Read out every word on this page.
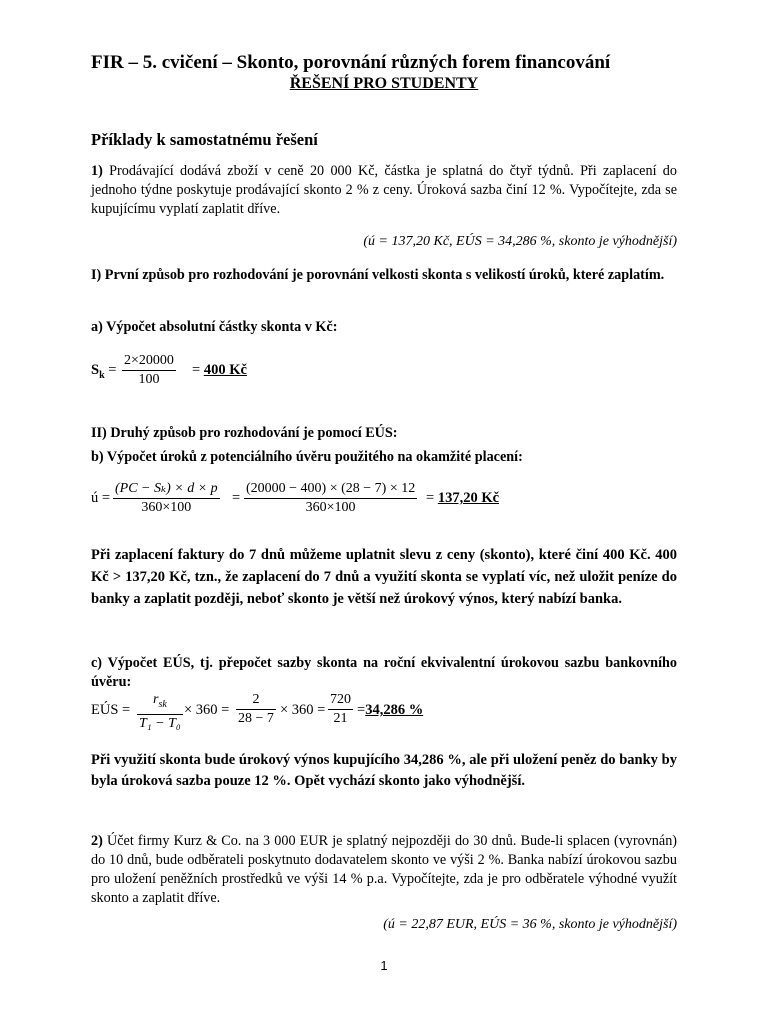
FIR – 5. cvičení – Skonto, porovnání různých forem financování
ŘEŠENÍ PRO STUDENTY
Příklady k samostatnému řešení
1) Prodávající dodává zboží v ceně 20 000 Kč, částka je splatná do čtyř týdnů. Při zaplacení do jednoho týdne poskytuje prodávající skonto 2 % z ceny. Úroková sazba činí 12 %. Vypočítejte, zda se kupujícímu vyplatí zaplatit dříve.
(ú = 137,20 Kč, EÚS = 34,286 %, skonto je výhodnější)
I) První způsob pro rozhodování je porovnání velkosti skonta s velikostí úroků, které zaplatím.
a) Výpočet absolutní částky skonta v Kč:
$S_k$ =
2×20000
100
= 400 Kč
II) Druhý způsob pro rozhodování je pomocí EÚS:
b) Výpočet úroků z potenciálního úvěru použitého na okamžité placení:
ú =
(PC − Sₖ) × d × p
360×100
=
(20000 − 400) × (28 − 7) × 12
360×100
= 137,20 Kč
Při zaplacení faktury do 7 dnů můžeme uplatnit slevu z ceny (skonto), které činí 400 Kč. 400 Kč > 137,20 Kč, tzn., že zaplacení do 7 dnů a využití skonta se vyplatí víc, než uložit peníze do banky a zaplatit později, neboť skonto je větší než úrokový výnos, který nabízí banka.
c) Výpočet EÚS, tj. přepočet sazby skonta na roční ekvivalentní úrokovou sazbu bankovního úvěru:
EÚS =
$r_{sk}$
T₁ − T₀
× 360 =
2
28 − 7
× 360 =
720
21
=34,286 %
Při využití skonta bude úrokový výnos kupujícího 34,286 %, ale při uložení peněz do banky by byla úroková sazba pouze 12 %. Opět vychází skonto jako výhodnější.
2) Účet firmy Kurz & Co. na 3 000 EUR je splatný nejpozději do 30 dnů. Bude-li splacen (vyrovnán) do 10 dnů, bude odběrateli poskytnuto dodavatelem skonto ve výši 2 %. Banka nabízí úrokovou sazbu pro uložení peněžních prostředků ve výši 14 % p.a. Vypočítejte, zda je pro odběratele výhodné využít skonto a zaplatit dříve.
(ú = 22,87 EUR, EÚS = 36 %, skonto je výhodnější)
1
